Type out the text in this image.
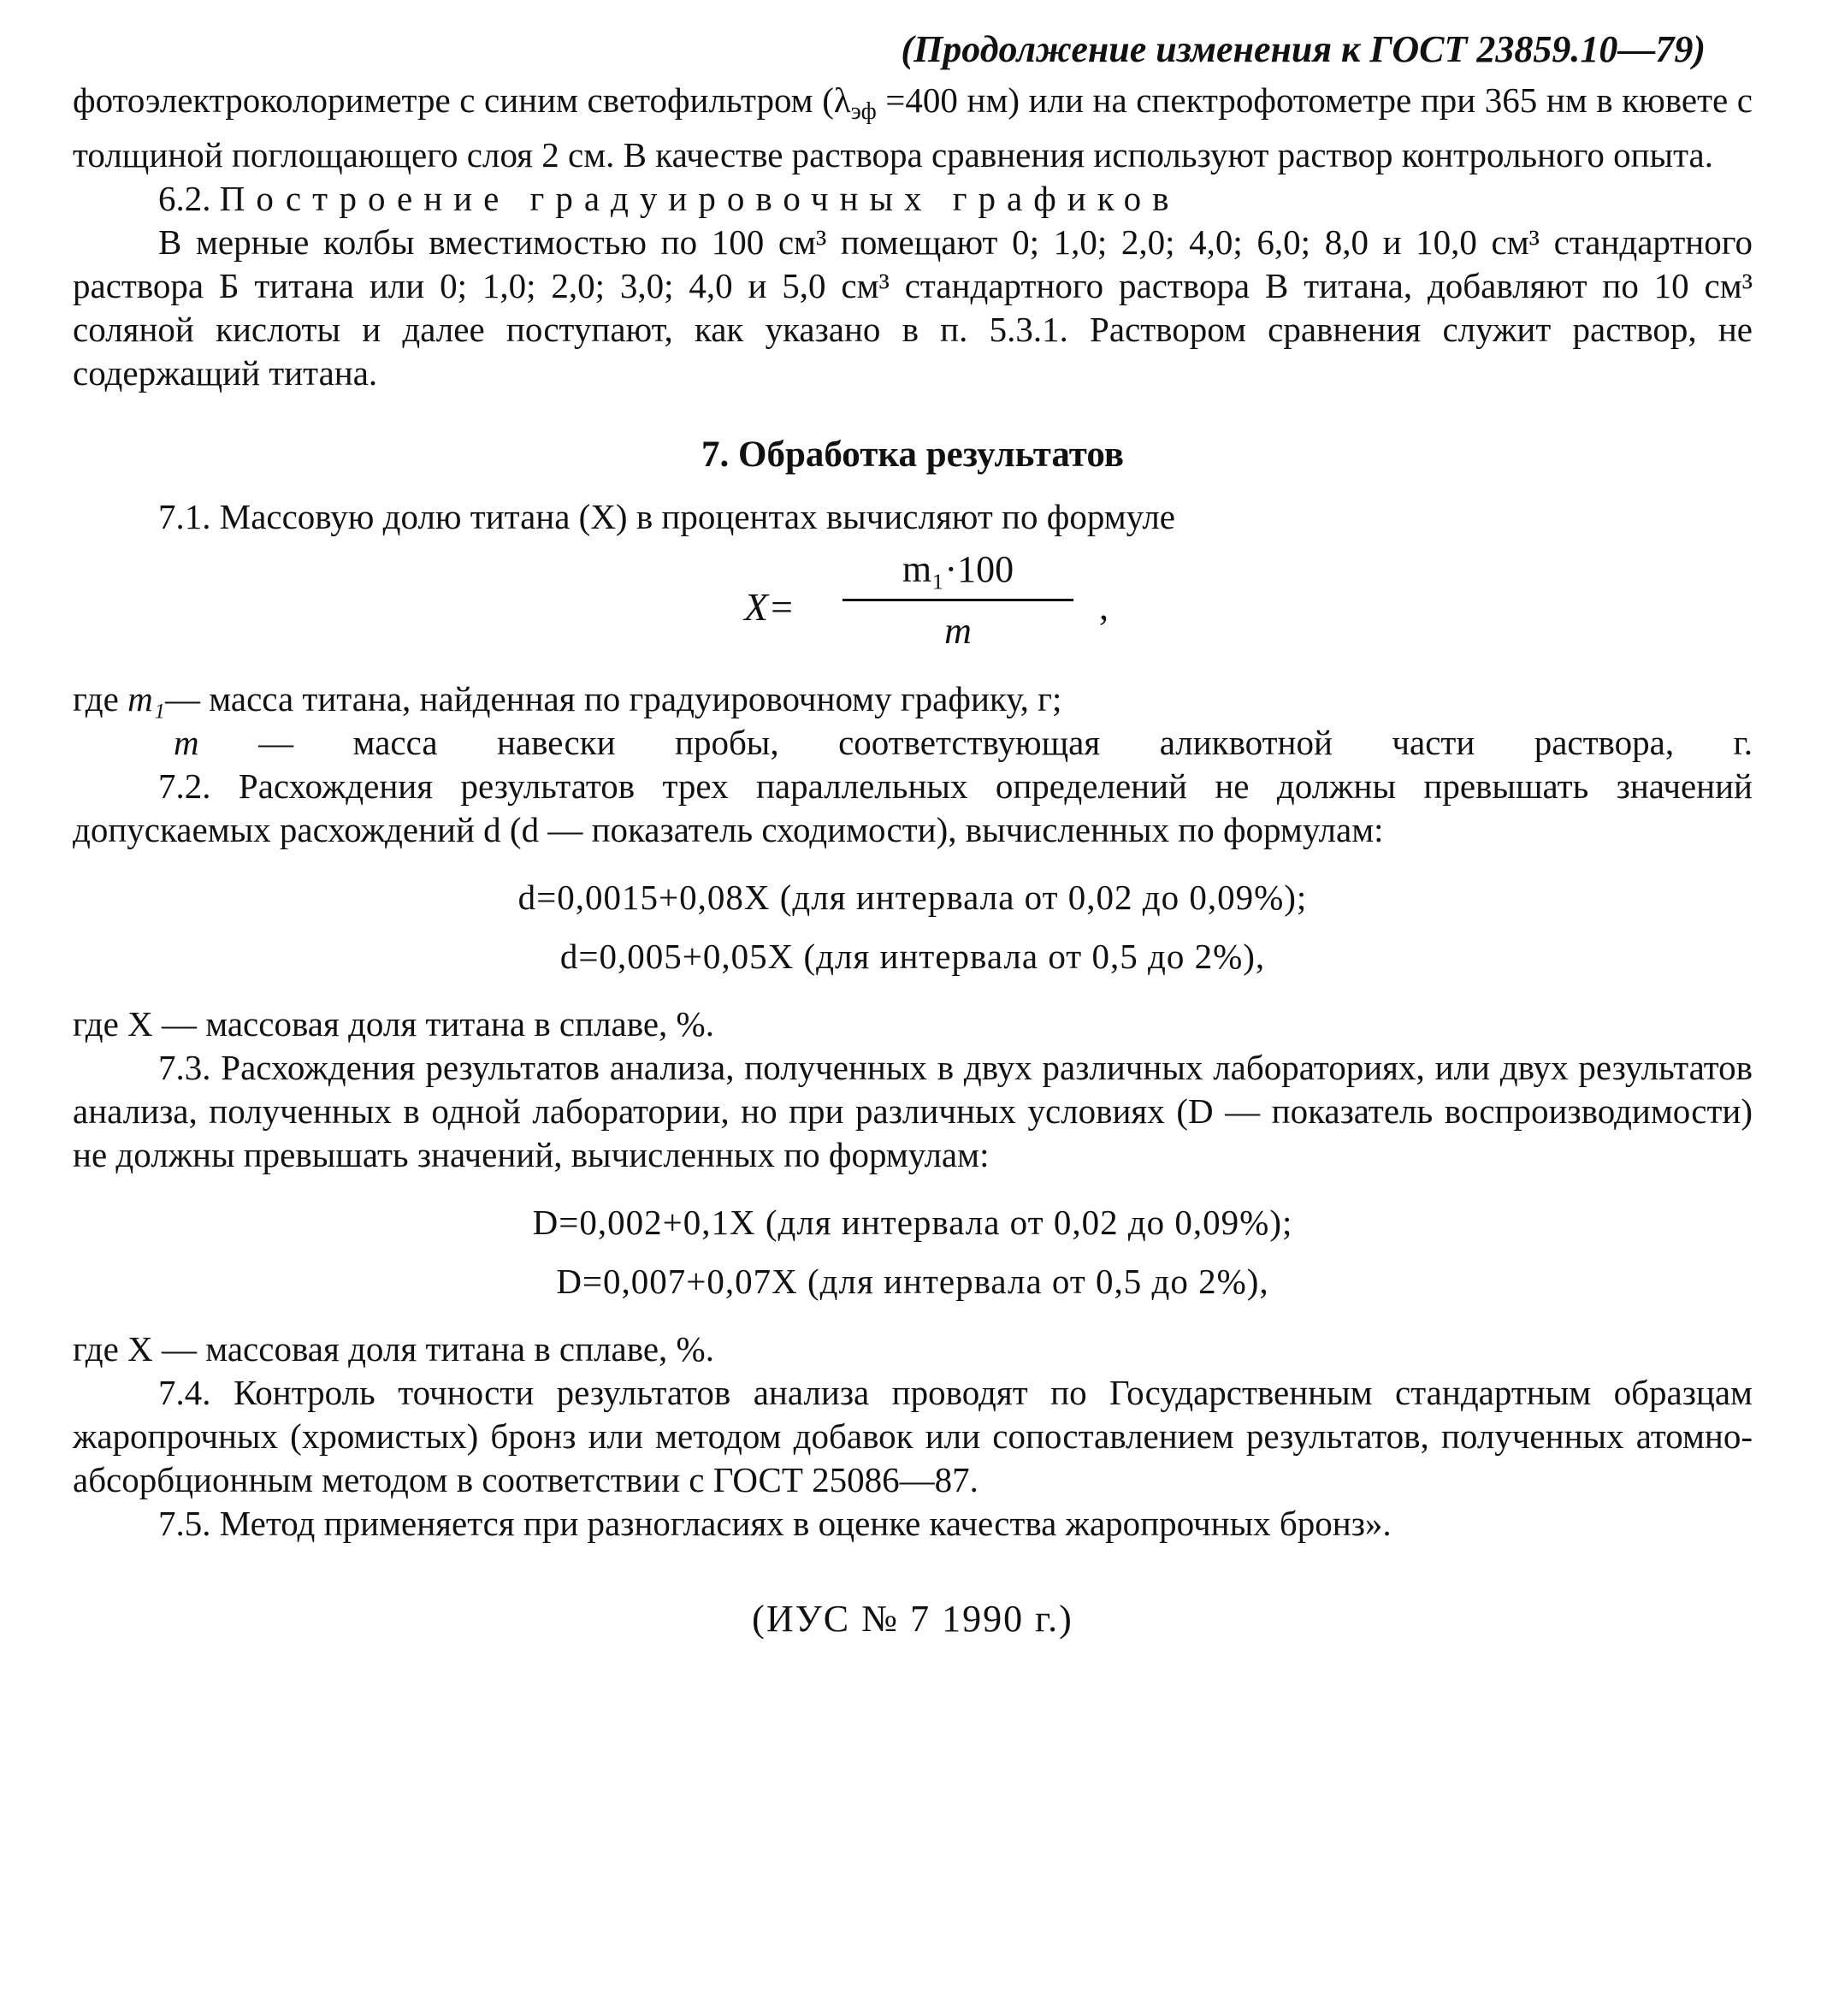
(Продолжение изменения к ГОСТ 23859.10—79)

фотоэлектроколориметре с синим светофильтром ($\lambda_{эф} =400$ нм) или на спектрофотометре при 365 нм в кювете с толщиной поглощающего слоя 2 см. В качестве раствора сравнения используют раствор контрольного опыта.

6.2. Построение градуировочных графиков

В мерные колбы вместимостью по 100 см³ помещают 0; 1,0; 2,0; 4,0; 6,0; 8,0 и 10,0 см³ стандартного раствора Б титана или 0; 1,0; 2,0; 3,0; 4,0 и 5,0 см³ стандартного раствора В титана, добавляют по 10 см³ соляной кислоты и далее поступают, как указано в п. 5.3.1. Раствором сравнения служит раствор, не содержащий титана.

7. Обработка результатов

7.1. Массовую долю титана (X) в процентах вычисляют по формуле

X=
m₁·100
m
,

где m₁— масса титана, найденная по градуировочному графику, г;

m — масса навески пробы, соответствующая аликвотной части раствора, г.

7.2. Расхождения результатов трех параллельных определений не должны превышать значений допускаемых расхождений d (d — показатель сходимости), вычисленных по формулам:

d=0,0015+0,08X (для интервала от 0,02 до 0,09%);
d=0,005+0,05X (для интервала от 0,5 до 2%),

где X — массовая доля титана в сплаве, %.

7.3. Расхождения результатов анализа, полученных в двух различных лабораториях, или двух результатов анализа, полученных в одной лаборатории, но при различных условиях (D — показатель воспроизводимости) не должны превышать значений, вычисленных по формулам:

D=0,002+0,1X (для интервала от 0,02 до 0,09%);
D=0,007+0,07X (для интервала от 0,5 до 2%),

где X — массовая доля титана в сплаве, %.

7.4. Контроль точности результатов анализа проводят по Государственным стандартным образцам жаропрочных (хромистых) бронз или методом добавок или сопоставлением результатов, полученных атомно-абсорбционным методом в соответствии с ГОСТ 25086—87.

7.5. Метод применяется при разногласиях в оценке качества жаропрочных бронз».

(ИУС № 7 1990 г.)
